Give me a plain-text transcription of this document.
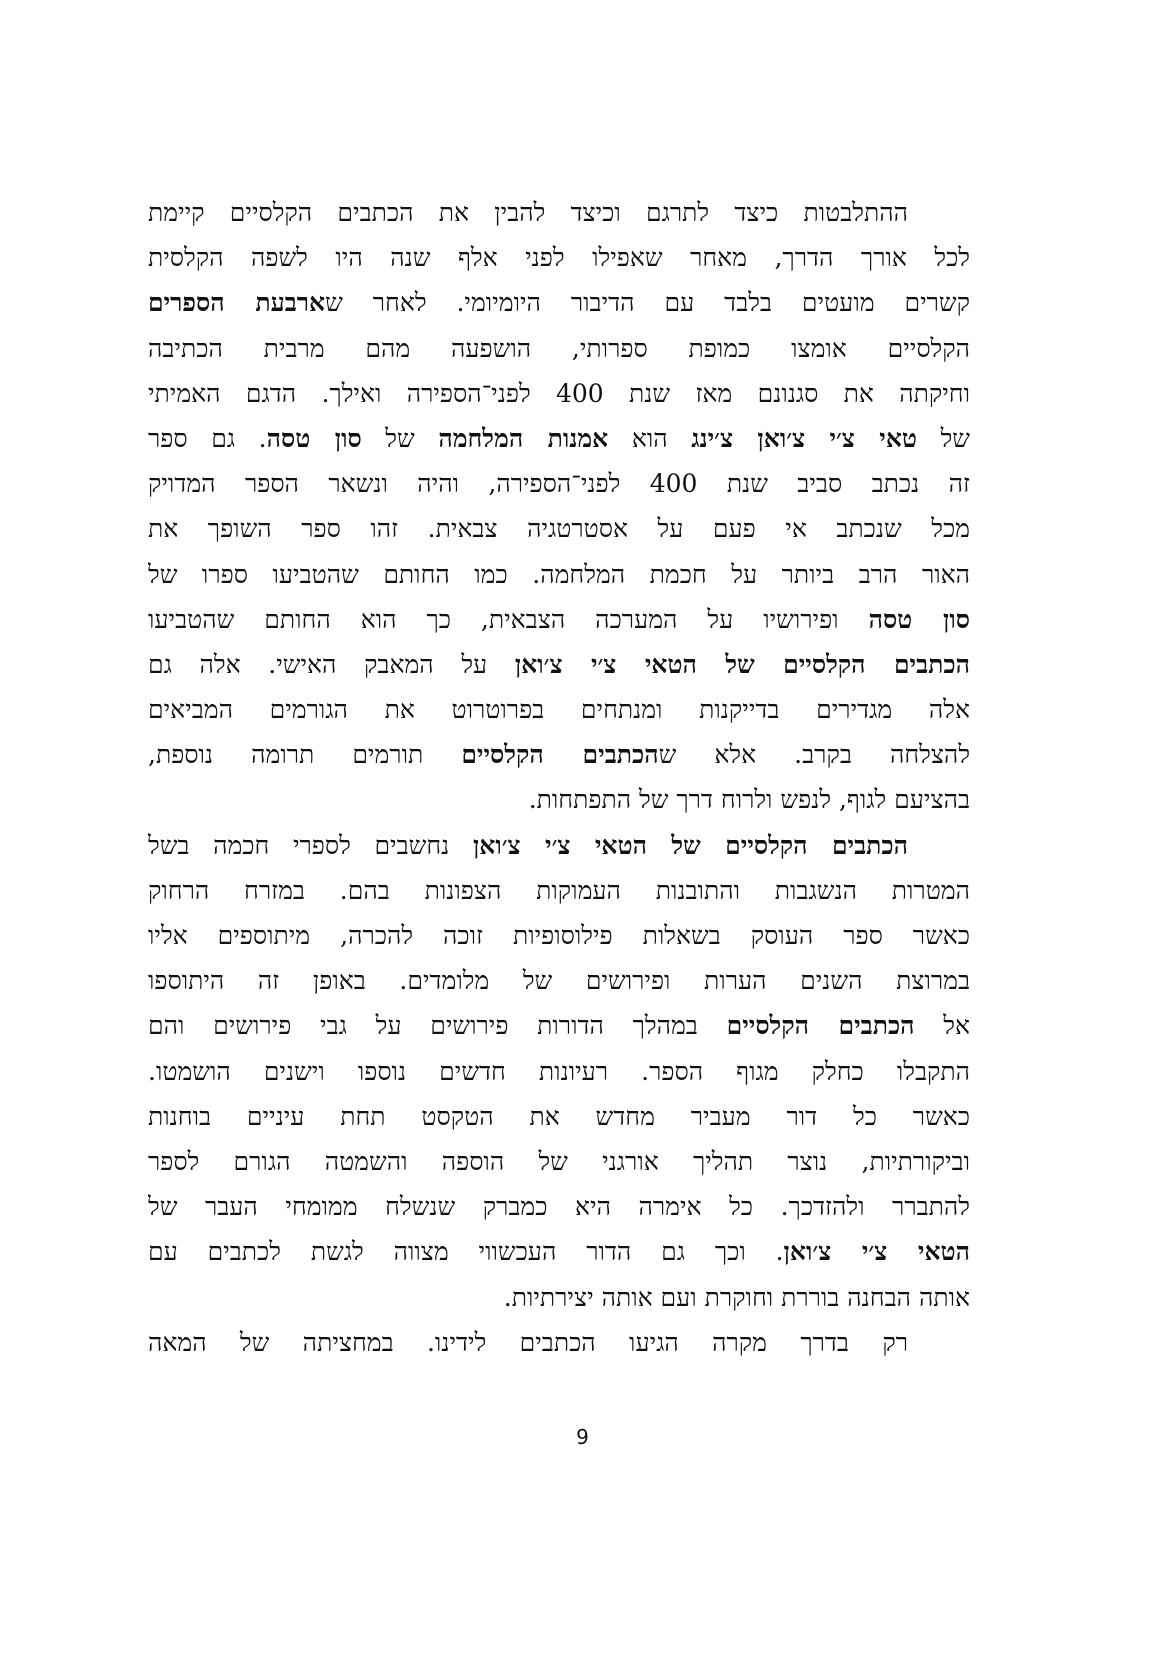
ההתלבטות כיצד לתרגם וכיצד להבין את הכתבים הקלסיים קיימת
לכל אורך הדרך, מאחר שאפילו לפני אלף שנה היו לשפה הקלסית
קשרים מועטים בלבד עם הדיבור היומיומי. לאחר שארבעת הספרים
הקלסיים אומצו כמופת ספרותי, הושפעה מהם מרבית הכתיבה
וחיקתה את סגנונם מאז שנת 400 לפני־הספירה ואילך. הדגם האמיתי
של טאי צ׳י צ׳ואן צ׳ינג הוא אמנות המלחמה של סון טסה. גם ספר
זה נכתב סביב שנת 400 לפני־הספירה, והיה ונשאר הספר המדויק
מכל שנכתב אי פעם על אסטרטגיה צבאית. זהו ספר השופך את
האור הרב ביותר על חכמת המלחמה. כמו החותם שהטביעו ספרו של
סון טסה ופירושיו על המערכה הצבאית, כך הוא החותם שהטביעו
הכתבים הקלסיים של הטאי צ׳י צ׳ואן על המאבק האישי. אלה גם
אלה מגדירים בדייקנות ומנתחים בפרוטרוט את הגורמים המביאים
להצלחה בקרב. אלא שהכתבים הקלסיים תורמים תרומה נוספת,
בהציעם לגוף, לנפש ולרוח דרך של התפתחות.
הכתבים הקלסיים של הטאי צ׳י צ׳ואן נחשבים לספרי חכמה בשל
המטרות הנשגבות והתובנות העמוקות הצפונות בהם. במזרח הרחוק
כאשר ספר העוסק בשאלות פילוסופיות זוכה להכרה, מיתוספים אליו
במרוצת השנים הערות ופירושים של מלומדים. באופן זה היתוספו
אל הכתבים הקלסיים במהלך הדורות פירושים על גבי פירושים והם
התקבלו כחלק מגוף הספר. רעיונות חדשים נוספו וישנים הושמטו.
כאשר כל דור מעביר מחדש את הטקסט תחת עיניים בוחנות
וביקורתיות, נוצר תהליך אורגני של הוספה והשמטה הגורם לספר
להתברר ולהזדכך. כל אימרה היא כמברק שנשלח ממומחי העבר של
הטאי צ׳י צ׳ואן. וכך גם הדור העכשווי מצווה לגשת לכתבים עם
אותה הבחנה בוררת וחוקרת ועם אותה יצירתיות.
רק בדרך מקרה הגיעו הכתבים לידינו. במחציתה של המאה
9
